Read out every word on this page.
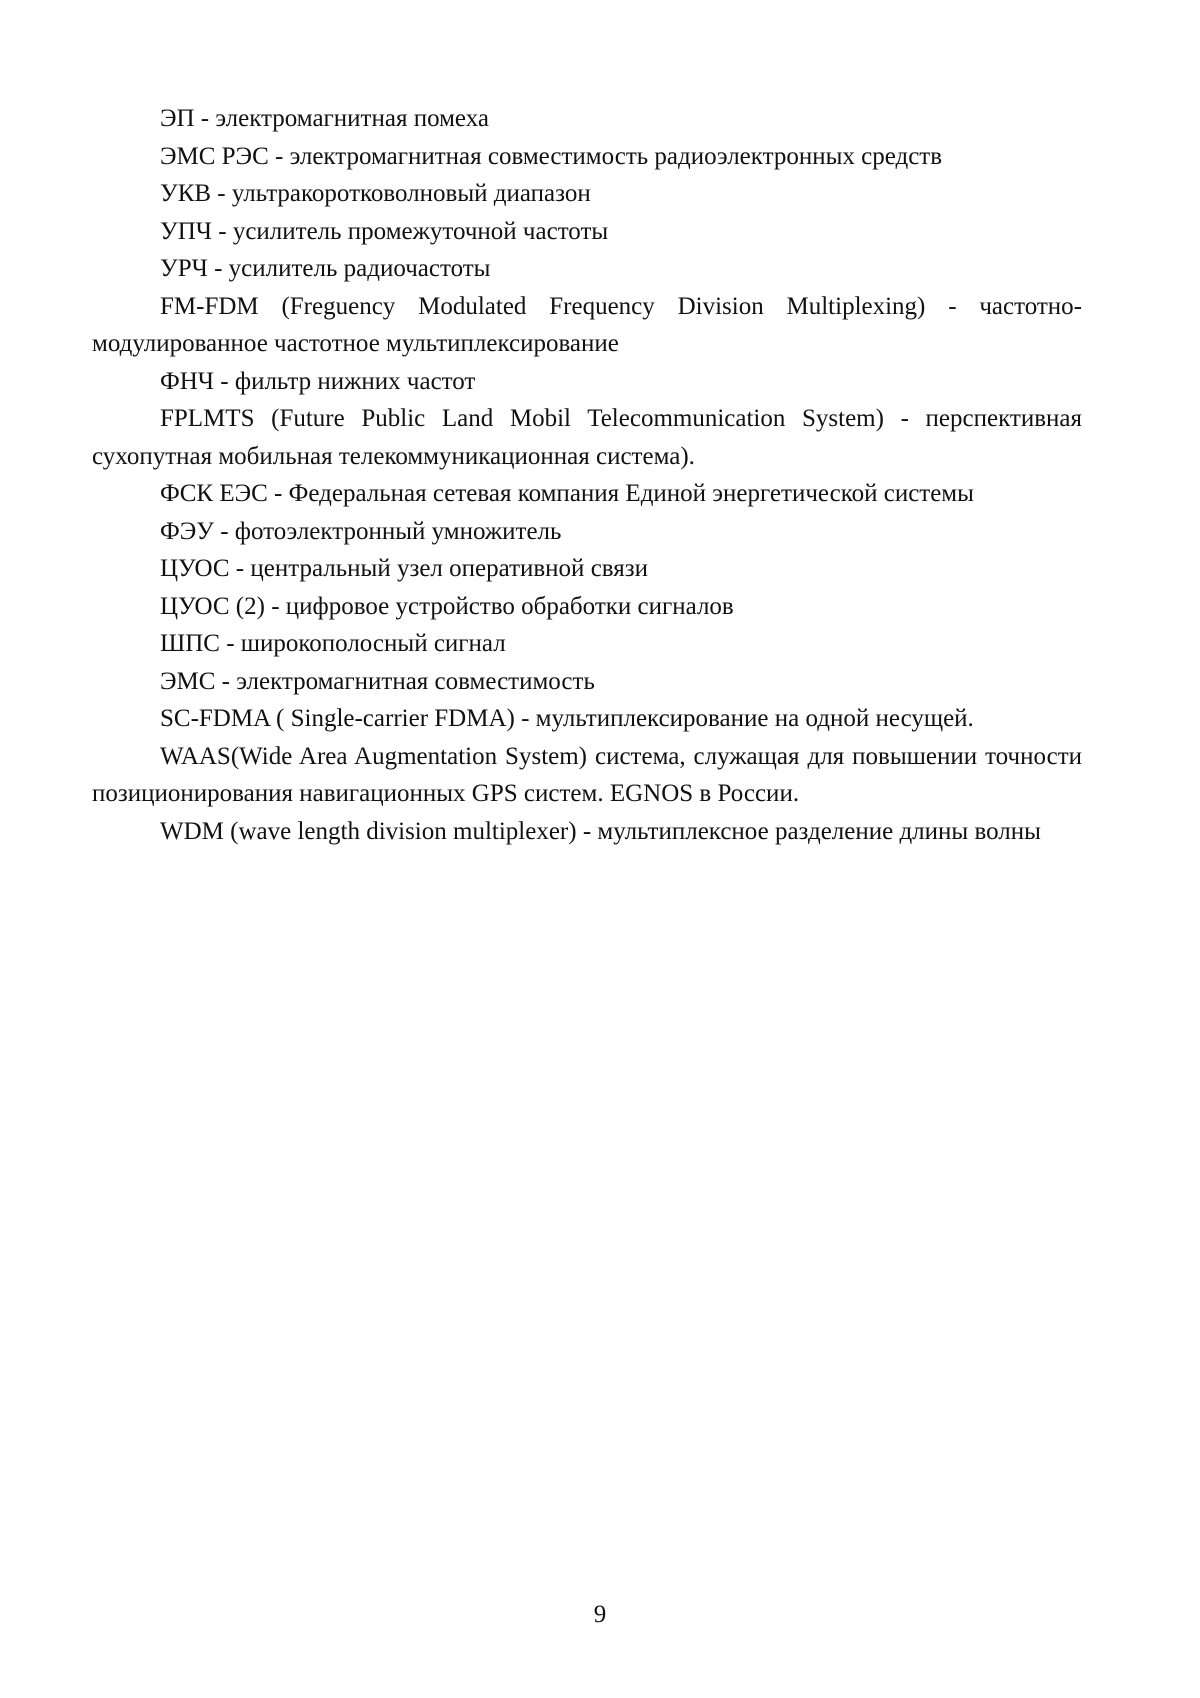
ЭП - электромагнитная помеха

ЭМС РЭС - электромагнитная совместимость радиоэлектронных средств

УКВ - ультракоротковолновый диапазон

УПЧ - усилитель промежуточной частоты

УРЧ - усилитель радиочастоты

FM-FDM (Freguency Modulated Frequency Division Multiplexing) - частотно-модулированное частотное мультиплексирование

ФНЧ - фильтр нижних частот

FPLMTS (Future Public Land Mobil Telecommunication System) - перспективная сухопутная мобильная телекоммуникационная система).

ФСК ЕЭС - Федеральная сетевая компания Единой энергетической системы

ФЭУ - фотоэлектронный умножитель

ЦУОС - центральный узел оперативной связи

ЦУОС (2) - цифровое устройство обработки сигналов

ШПС - широкополосный сигнал

ЭМС - электромагнитная совместимость

SC-FDMA ( Single-carrier FDMA) - мультиплексирование на одной несущей.

WAAS(Wide Area Augmentation System) система, служащая для повышении точности позиционирования навигационных GPS систем. EGNOS в России.

WDM (wave length division multiplexer) - мультиплексное разделение длины волны

9
